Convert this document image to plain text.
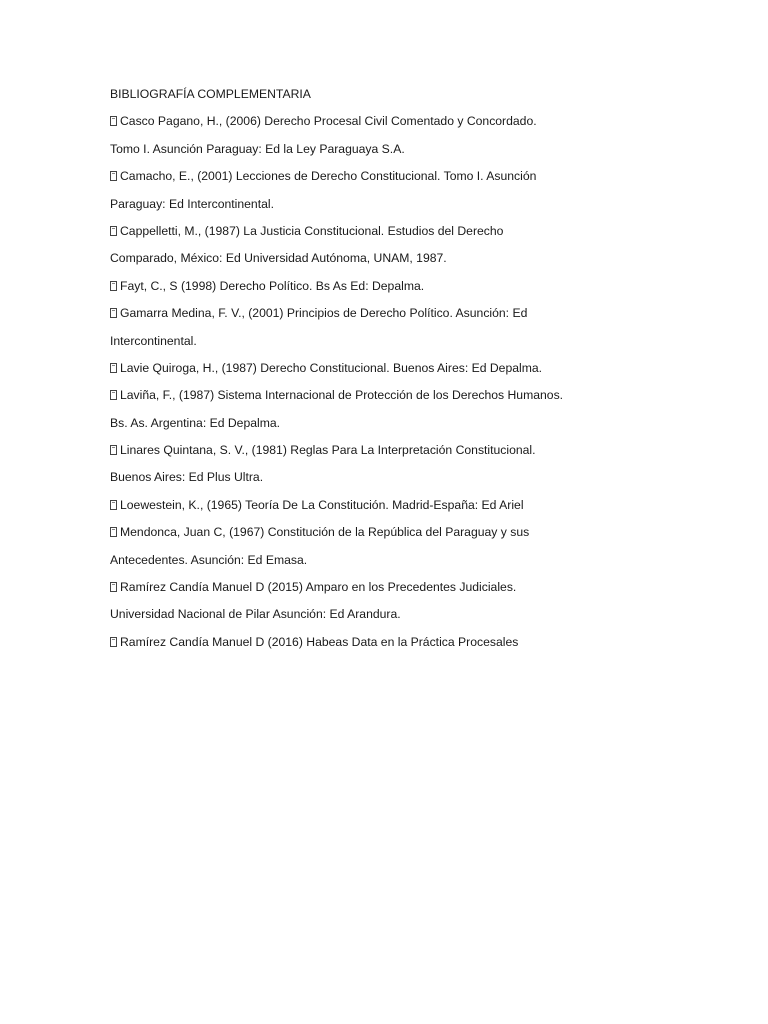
BIBLIOGRAFÍA COMPLEMENTARIA
Casco Pagano, H., (2006) Derecho Procesal Civil Comentado y Concordado.
Tomo I. Asunción Paraguay: Ed la Ley Paraguaya S.A.
Camacho, E., (2001) Lecciones de Derecho Constitucional. Tomo I. Asunción
Paraguay: Ed Intercontinental.
Cappelletti, M., (1987) La Justicia Constitucional. Estudios del Derecho
Comparado, México: Ed Universidad Autónoma, UNAM, 1987.
Fayt, C., S (1998) Derecho Político. Bs As Ed: Depalma.
Gamarra Medina, F. V., (2001) Principios de Derecho Político. Asunción: Ed
Intercontinental.
Lavie Quiroga, H., (1987) Derecho Constitucional. Buenos Aires: Ed Depalma.
Laviña, F., (1987) Sistema Internacional de Protección de los Derechos Humanos.
Bs. As. Argentina: Ed Depalma.
Linares Quintana, S. V., (1981) Reglas Para La Interpretación Constitucional.
Buenos Aires: Ed Plus Ultra.
Loewestein, K., (1965) Teoría De La Constitución. Madrid-España: Ed Ariel
Mendonca, Juan C, (1967) Constitución de la República del Paraguay y sus
Antecedentes. Asunción: Ed Emasa.
Ramírez Candía Manuel D (2015) Amparo en los Precedentes Judiciales.
Universidad Nacional de Pilar Asunción: Ed Arandura.
Ramírez Candía Manuel D (2016) Habeas Data en la Práctica Procesales
